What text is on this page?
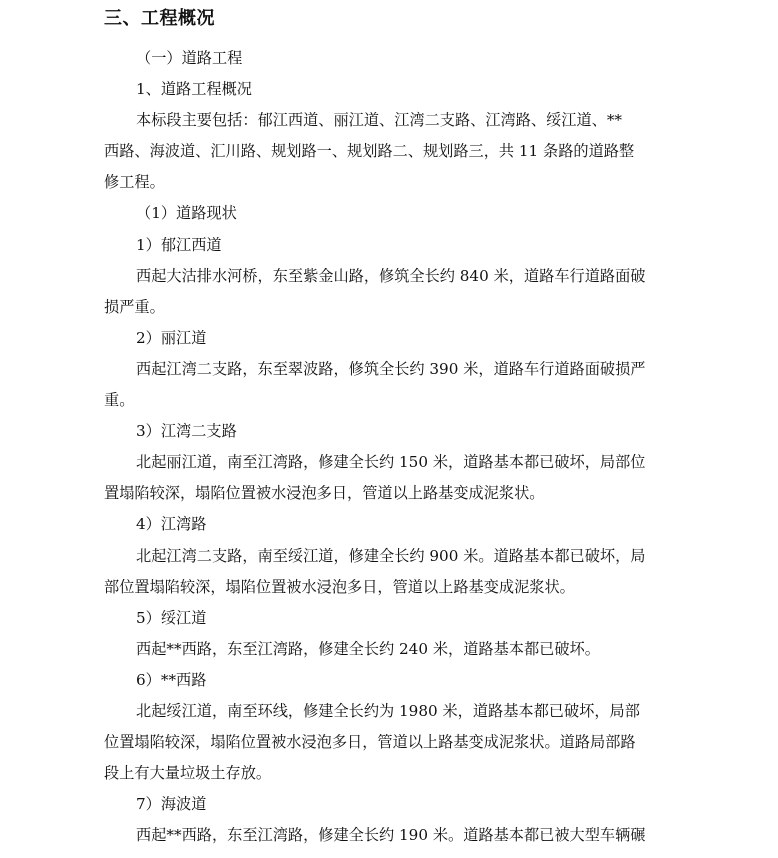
三、工程概况

（一）道路工程

1、道路工程概况

本标段主要包括：郁江西道、丽江道、江湾二支路、江湾路、绥江道、**

西路、海波道、汇川路、规划路一、规划路二、规划路三，共 11 条路的道路整

修工程。

（1）道路现状

1）郁江西道

西起大沽排水河桥，东至紫金山路，修筑全长约 840 米，道路车行道路面破

损严重。

2）丽江道

西起江湾二支路，东至翠波路，修筑全长约 390 米，道路车行道路面破损严

重。

3）江湾二支路

北起丽江道，南至江湾路，修建全长约 150 米，道路基本都已破坏，局部位

置塌陷较深，塌陷位置被水浸泡多日，管道以上路基变成泥浆状。

4）江湾路

北起江湾二支路，南至绥江道，修建全长约 900 米。道路基本都已破坏，局

部位置塌陷较深，塌陷位置被水浸泡多日，管道以上路基变成泥浆状。

5）绥江道

西起**西路，东至江湾路，修建全长约 240 米，道路基本都已破坏。

6）**西路

北起绥江道，南至环线，修建全长约为 1980 米，道路基本都已破坏，局部

位置塌陷较深，塌陷位置被水浸泡多日，管道以上路基变成泥浆状。道路局部路

段上有大量垃圾土存放。

7）海波道

西起**西路，东至江湾路，修建全长约 190 米。道路基本都已被大型车辆碾
